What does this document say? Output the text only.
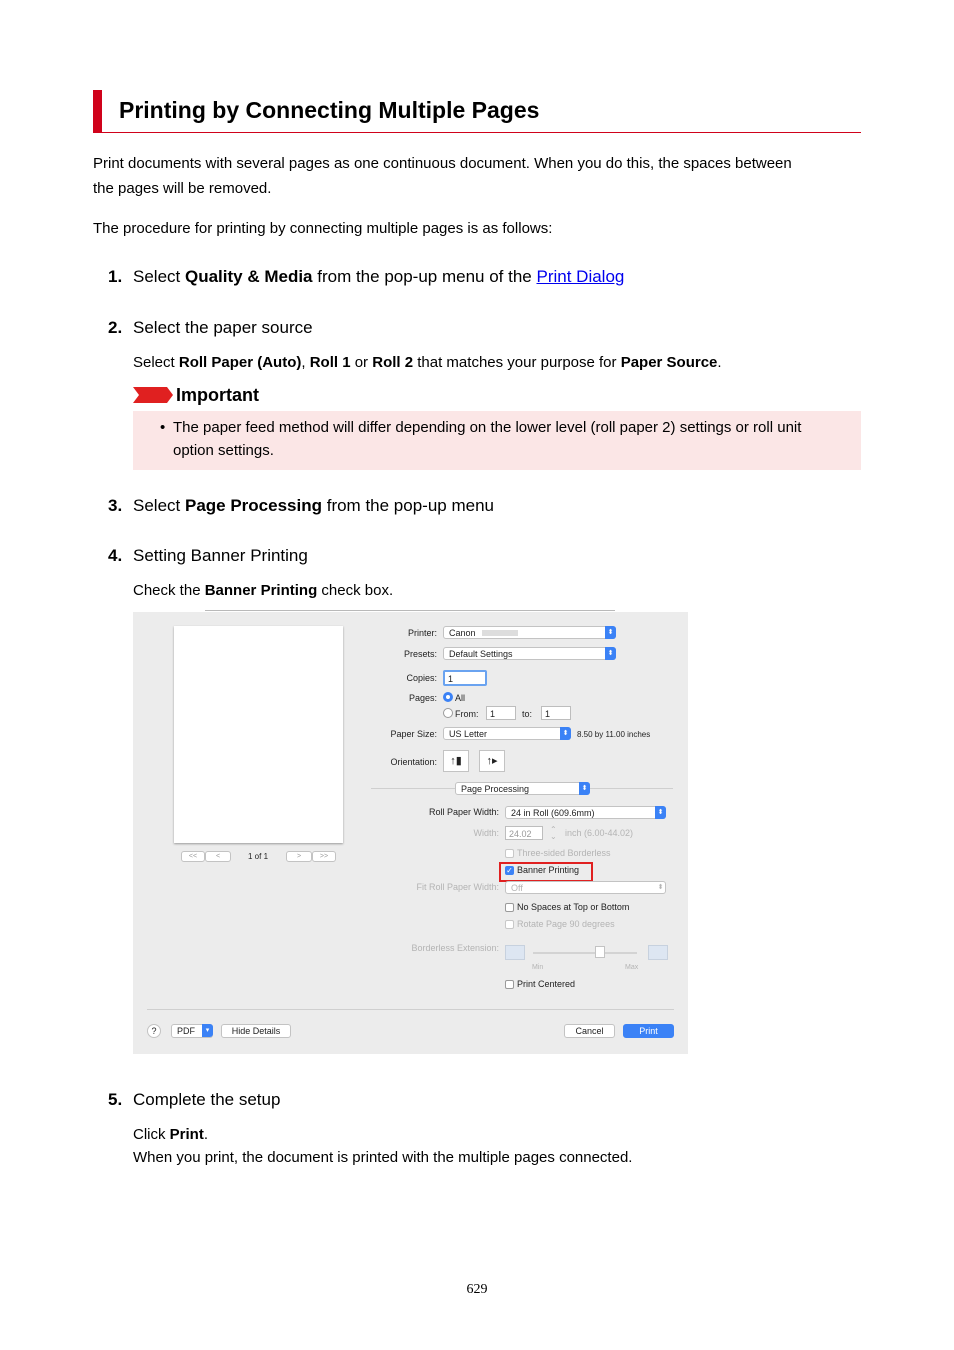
Printing by Connecting Multiple Pages
Print documents with several pages as one continuous document. When you do this, the spaces between
the pages will be removed.
The procedure for printing by connecting multiple pages is as follows:
1. Select Quality & Media from the pop-up menu of the Print Dialog
2. Select the paper source
Select Roll Paper (Auto), Roll 1 or Roll 2 that matches your purpose for Paper Source.
Important
• The paper feed method will differ depending on the lower level (roll paper 2) settings or roll unit
option settings.
3. Select Page Processing from the pop-up menu
4. Setting Banner Printing
Check the Banner Printing check box.
<<	<	1 of 1	>	>>
Printer:	Canon	⬍
Presets:	Default Settings	⬍
Copies:	1
Pages: All
From:	1	to:	1
Paper Size:	US Letter	⬍	8.50 by 11.00 inches
Orientation:	↑▮	↑▸
Page Processing	⬍
Roll Paper Width:	24 in Roll (609.6mm)	⬍
Width:	24.02	⌃
⌄ inch (6.00-44.02)
Three-sided Borderless
✓ Banner Printing
Fit Roll Paper Width:	Off	⬍
No Spaces at Top or Bottom
Rotate Page 90 degrees
Borderless Extension:
Min	Max
Print Centered
?	PDF	▾	Hide Details	Cancel	Print
5. Complete the setup
Click Print.
When you print, the document is printed with the multiple pages connected.
629
